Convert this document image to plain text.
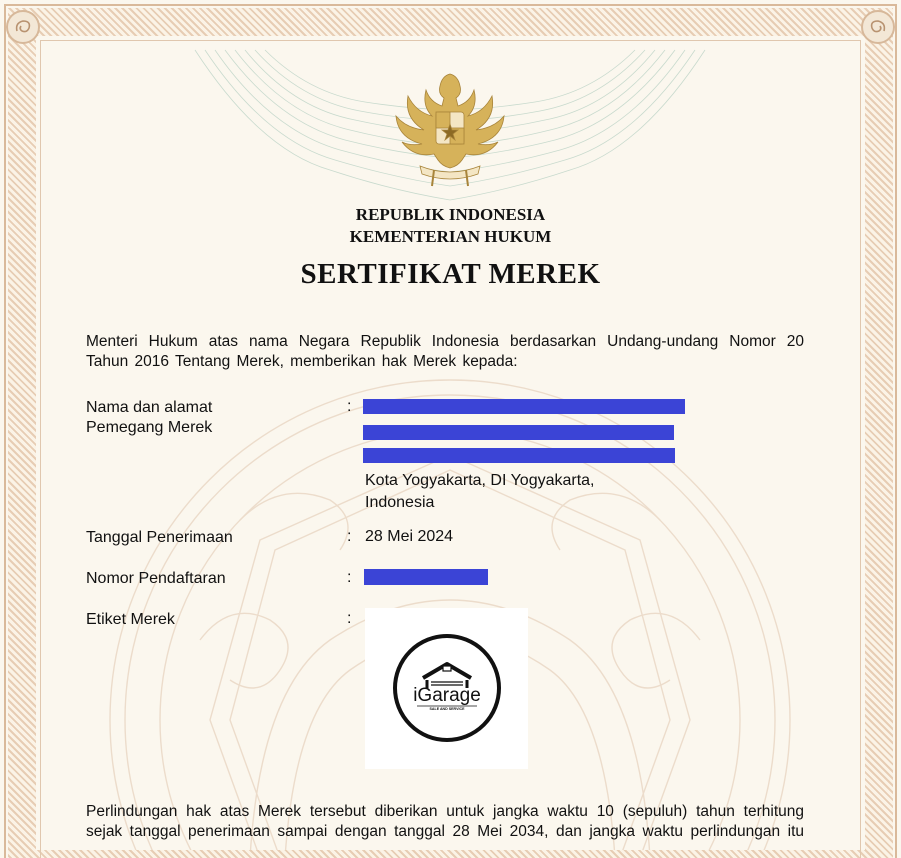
REPUBLIK INDONESIA
KEMENTERIAN HUKUM
SERTIFIKAT MEREK
Menteri Hukum atas nama Negara Republik Indonesia berdasarkan Undang-undang Nomor 20
Tahun 2016 Tentang Merek, memberikan hak Merek kepada:
Nama dan alamat
Pemegang Merek
:
Kota Yogyakarta, DI Yogyakarta,
Indonesia
Tanggal Penerimaan	: 28 Mei 2024
Nomor Pendaftaran	:
Etiket Merek	:
iGarage
SALE AND SERVICE
Perlindungan hak atas Merek tersebut diberikan untuk jangka waktu 10 (sepuluh) tahun terhitung
sejak tanggal penerimaan sampai dengan tanggal 28 Mei 2034, dan jangka waktu perlindungan itu
